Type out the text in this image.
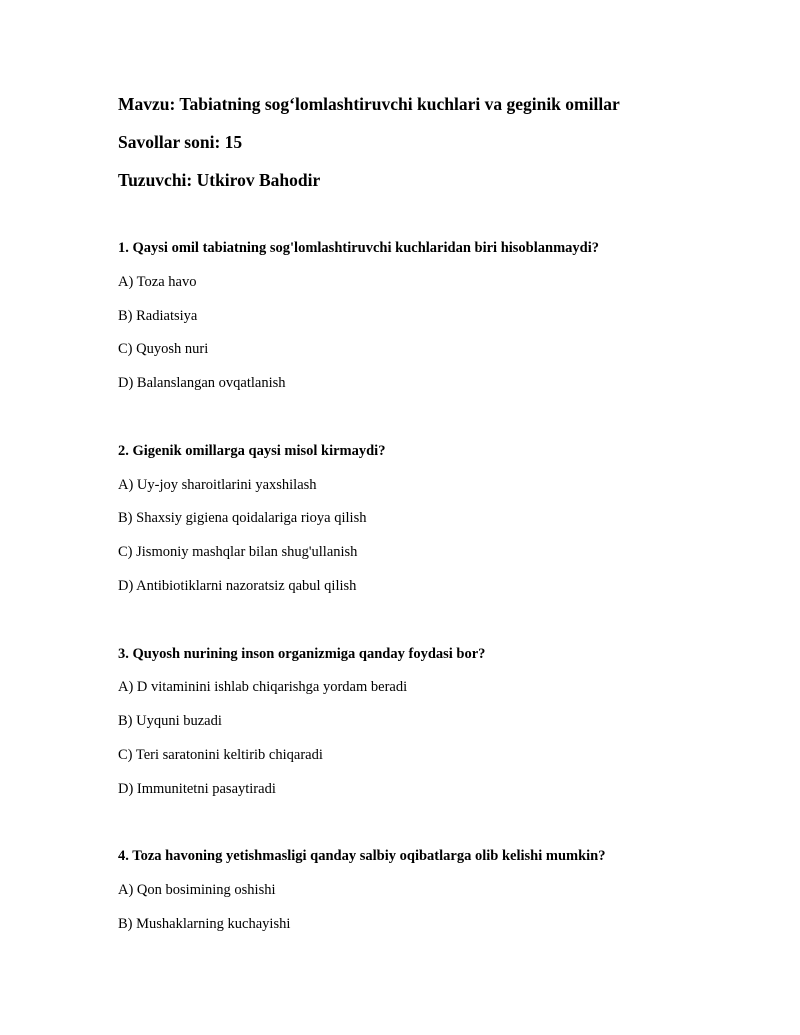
Mavzu: Tabiatning sog‘lomlashtiruvchi kuchlari va geginik omillar
Savollar soni: 15
Tuzuvchi: Utkirov Bahodir
1. Qaysi omil tabiatning sog'lomlashtiruvchi kuchlaridan biri hisoblanmaydi?
A) Toza havo
B) Radiatsiya
C) Quyosh nuri
D) Balanslangan ovqatlanish
2. Gigenik omillarga qaysi misol kirmaydi?
A) Uy-joy sharoitlarini yaxshilash
B) Shaxsiy gigiena qoidalariga rioya qilish
C) Jismoniy mashqlar bilan shug'ullanish
D) Antibiotiklarni nazoratsiz qabul qilish
3. Quyosh nurining inson organizmiga qanday foydasi bor?
A) D vitaminini ishlab chiqarishga yordam beradi
B) Uyquni buzadi
C) Teri saratonini keltirib chiqaradi
D) Immunitetni pasaytiradi
4. Toza havoning yetishmasligi qanday salbiy oqibatlarga olib kelishi mumkin?
A) Qon bosimining oshishi
B) Mushaklarning kuchayishi
